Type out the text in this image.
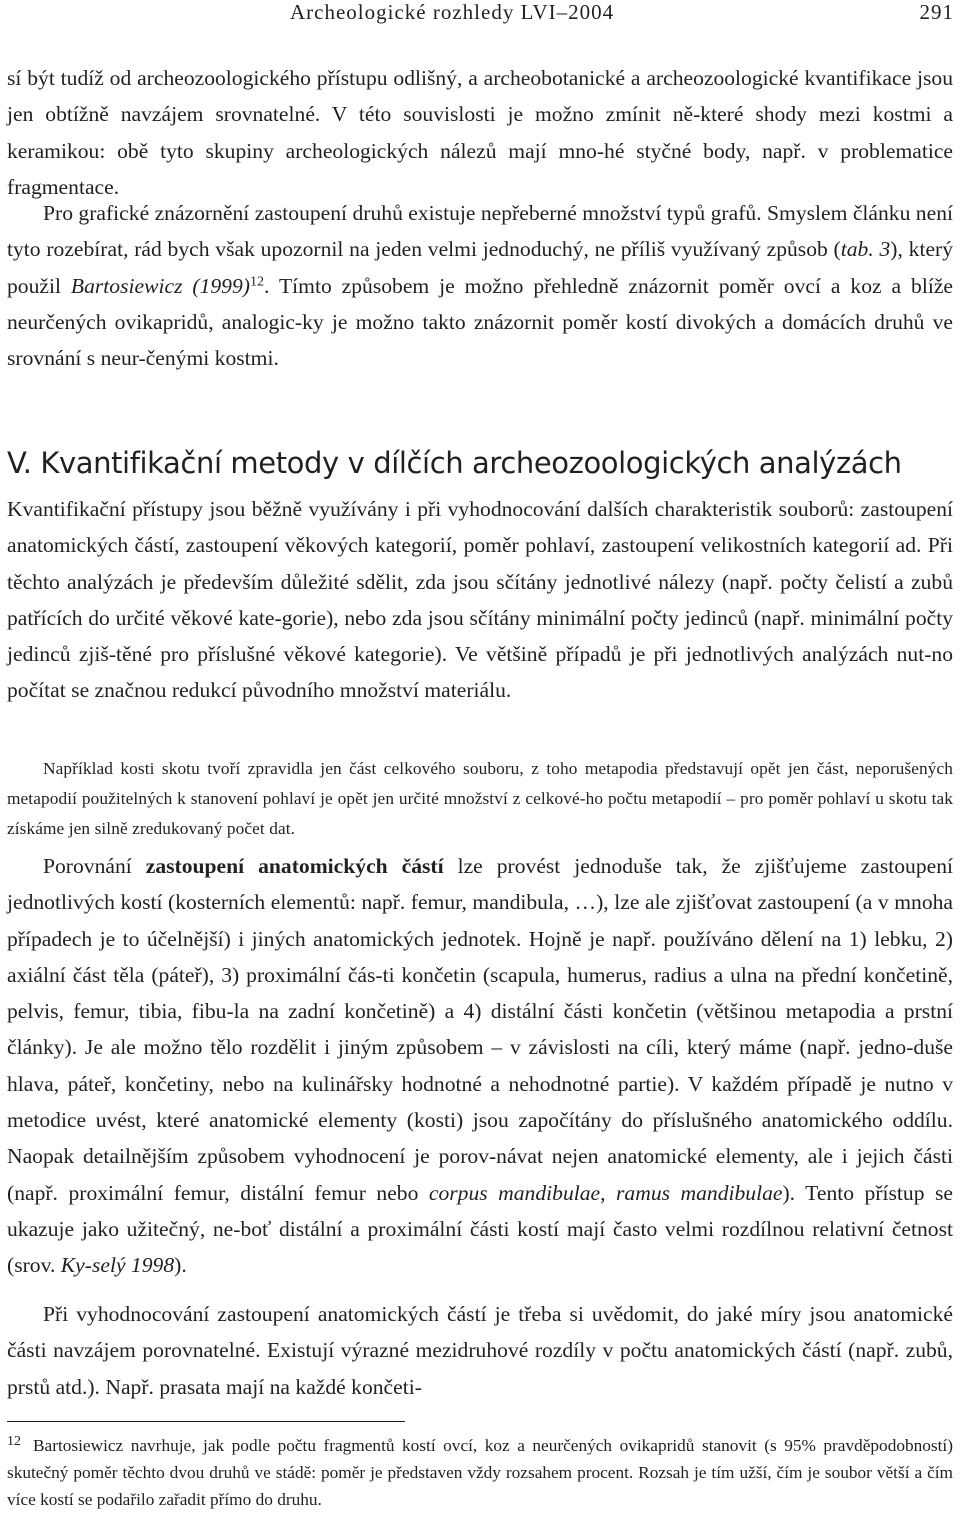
Archeologické rozhledy LVI–2004	291

sí být tudíž od archeozoologického přístupu odlišný, a archeobotanické a archeozoologické kvantifikace jsou jen obtížně navzájem srovnatelné. V této souvislosti je možno zmínit ně-které shody mezi kostmi a keramikou: obě tyto skupiny archeologických nálezů mají mno-hé styčné body, např. v problematice fragmentace.

Pro grafické znázornění zastoupení druhů existuje nepřeberné množství typů grafů. Smyslem článku není tyto rozebírat, rád bych však upozornil na jeden velmi jednoduchý, ne příliš využívaný způsob (tab. 3), který použil Bartosiewicz $(1999)^{12}$. Tímto způsobem je možno přehledně znázornit poměr ovcí a koz a blíže neurčených ovikapridů, analogic-ky je možno takto znázornit poměr kostí divokých a domácích druhů ve srovnání s neur-čenými kostmi.

V. Kvantifikační metody v dílčích archeozoologických analýzách

Kvantifikační přístupy jsou běžně využívány i při vyhodnocování dalších charakteristik souborů: zastoupení anatomických částí, zastoupení věkových kategorií, poměr pohlaví, zastoupení velikostních kategorií ad. Při těchto analýzách je především důležité sdělit, zda jsou sčítány jednotlivé nálezy (např. počty čelistí a zubů patřících do určité věkové kate-gorie), nebo zda jsou sčítány minimální počty jedinců (např. minimální počty jedinců zjiš-těné pro příslušné věkové kategorie). Ve většině případů je při jednotlivých analýzách nut-no počítat se značnou redukcí původního množství materiálu.

Například kosti skotu tvoří zpravidla jen část celkového souboru, z toho metapodia představují opět jen část, neporušených metapodií použitelných k stanovení pohlaví je opět jen určité množství z celkové-ho počtu metapodií – pro poměr pohlaví u skotu tak získáme jen silně zredukovaný počet dat.

Porovnání zastoupení anatomických částí lze provést jednoduše tak, že zjišťujeme zastoupení jednotlivých kostí (kosterních elementů: např. femur, mandibula, …), lze ale zjišťovat zastoupení (a v mnoha případech je to účelnější) i jiných anatomických jednotek. Hojně je např. používáno dělení na 1) lebku, 2) axiální část těla (páteř), 3) proximální čás-ti končetin (scapula, humerus, radius a ulna na přední končetině, pelvis, femur, tibia, fibu-la na zadní končetině) a 4) distální části končetin (většinou metapodia a prstní články). Je ale možno tělo rozdělit i jiným způsobem – v závislosti na cíli, který máme (např. jedno-duše hlava, páteř, končetiny, nebo na kulinářsky hodnotné a nehodnotné partie). V každém případě je nutno v metodice uvést, které anatomické elementy (kosti) jsou započítány do příslušného anatomického oddílu. Naopak detailnějším způsobem vyhodnocení je porov-návat nejen anatomické elementy, ale i jejich části (např. proximální femur, distální femur nebo corpus mandibulae, ramus mandibulae). Tento přístup se ukazuje jako užitečný, ne-boť distální a proximální části kostí mají často velmi rozdílnou relativní četnost (srov. Ky-selý 1998).

Při vyhodnocování zastoupení anatomických částí je třeba si uvědomit, do jaké míry jsou anatomické části navzájem porovnatelné. Existují výrazné mezidruhové rozdíly v počtu anatomických částí (např. zubů, prstů atd.). Např. prasata mají na každé končeti-

$^{12}$ Bartosiewicz navrhuje, jak podle počtu fragmentů kostí ovcí, koz a neurčených ovikapridů stanovit (s 95% pravděpodobností) skutečný poměr těchto dvou druhů ve stádě: poměr je představen vždy rozsahem procent. Rozsah je tím užší, čím je soubor větší a čím více kostí se podařilo zařadit přímo do druhu.
